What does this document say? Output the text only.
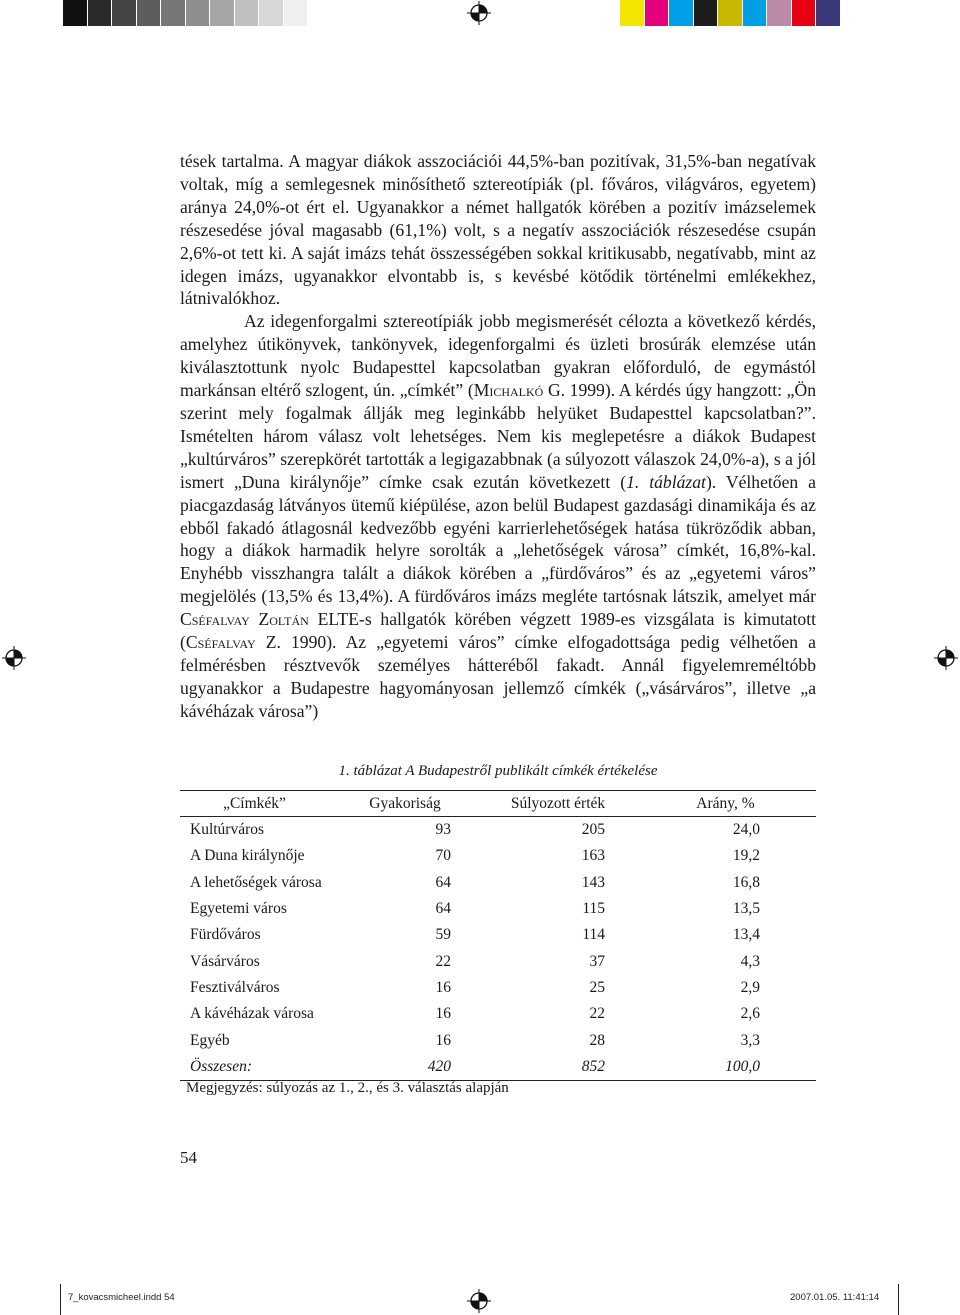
tések tartalma. A magyar diákok asszociációi 44,5%-ban pozitívak, 31,5%-ban negatívak voltak, míg a semlegesnek minősíthető sztereotípiák (pl. főváros, világváros, egyetem) aránya 24,0%-ot ért el. Ugyanakkor a német hallgatók körében a pozitív imázselemek részesedése jóval magasabb (61,1%) volt, s a negatív asszociációk részesedése csupán 2,6%-ot tett ki. A saját imázs tehát összességében sokkal kritikusabb, negatívabb, mint az idegen imázs, ugyanakkor elvontabb is, s kevésbé kötődik történelmi emlékekhez, látnivalókhoz.

Az idegenforgalmi sztereotípiák jobb megismerését célozta a következő kérdés, amelyhez útikönyvek, tankönyvek, idegenforgalmi és üzleti brosúrák elemzése után kiválasztottunk nyolc Budapesttel kapcsolatban gyakran előforduló, de egymástól markánsan eltérő szlogent, ún. „címkét” (Michalkó G. 1999). A kérdés úgy hangzott: „Ön szerint mely fogalmak állják meg leginkább helyüket Budapesttel kapcsolatban?”. Ismételten három válasz volt lehetséges. Nem kis meglepetésre a diákok Budapest „kultúrváros” szerepkörét tartották a legigazabbnak (a súlyozott válaszok 24,0%-a), s a jól ismert „Duna királynője” címke csak ezután következett (1. táblázat). Vélhetően a piacgazdaság látványos ütemű kiépülése, azon belül Budapest gazdasági dinamikája és az ebből fakadó átlagosnál kedvezőbb egyéni karrierlehetőségek hatása tükröződik abban, hogy a diákok harmadik helyre sorolták a „lehetőségek városa” címkét, 16,8%-kal. Enyhébb visszhangra talált a diákok körében a „fürdőváros” és az „egyetemi város” megjelölés (13,5% és 13,4%). A fürdőváros imázs megléte tartósnak látszik, amelyet már Cséfalvay Zoltán ELTE-s hallgatók körében végzett 1989-es vizsgálata is kimutatott (Cséfalvay Z. 1990). Az „egyetemi város” címke elfogadottsága pedig vélhetően a felmérésben résztvevők személyes hátteréből fakadt. Annál figyelemreméltóbb ugyanakkor a Budapestre hagyományosan jellemző címkék („vásárváros”, illetve „a kávéházak városa”)

1. táblázat A Budapestről publikált címkék értékelése
„Címkék”	Gyakoriság	Súlyozott érték	Arány, %
Kultúrváros	93	205	24,0
A Duna királynője	70	163	19,2
A lehetőségek városa	64	143	16,8
Egyetemi város	64	115	13,5
Fürdőváros	59	114	13,4
Vásárváros	22	37	4,3
Fesztiválváros	16	25	2,9
A kávéházak városa	16	22	2,6
Egyéb	16	28	3,3
Összesen:	420	852	100,0
Megjegyzés: súlyozás az 1., 2., és 3. választás alapján
54
7_kovacsmicheel.indd 54	2007.01.05. 11:41:14
